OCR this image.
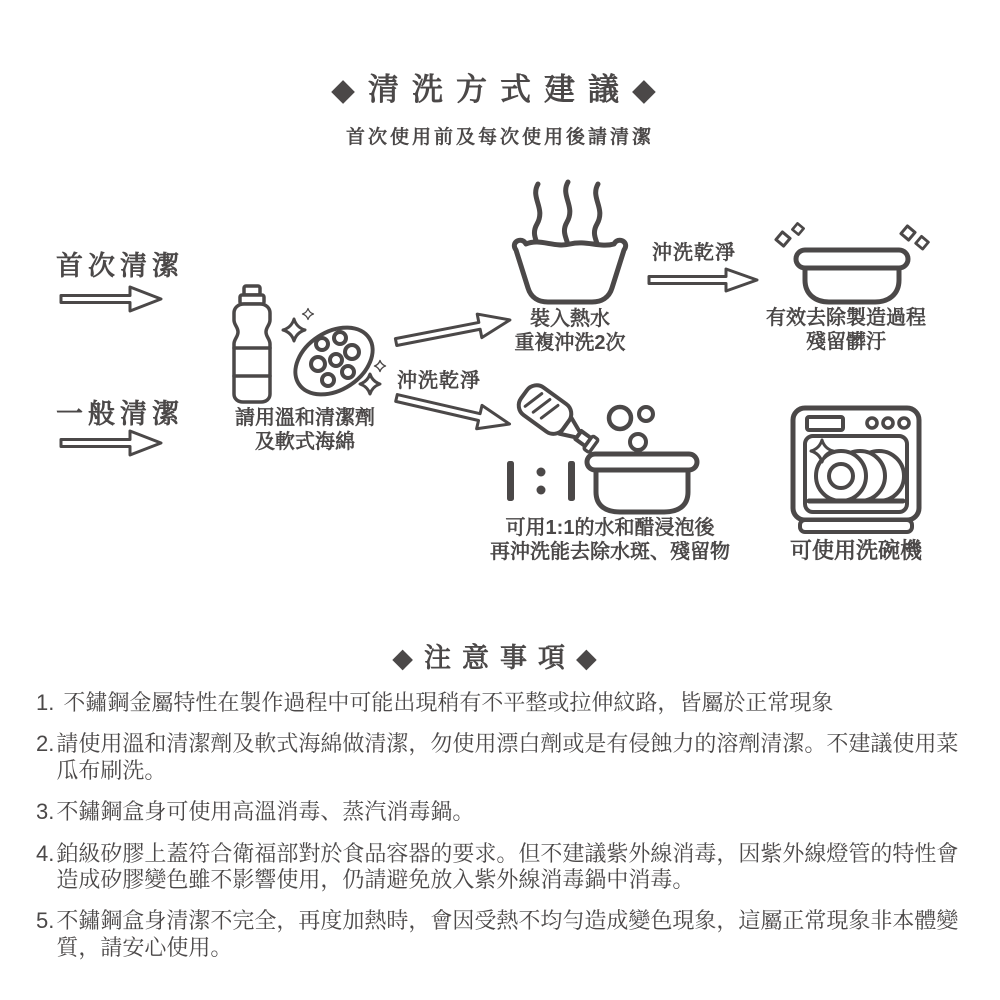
◆清洗方式建議◆
首次使用前及每次使用後請清潔
首次清潔
一般清潔	請用溫和清潔劑
及軟式海綿
沖洗乾淨
裝入熱水
重複沖洗2次
沖洗乾淨
有效去除製造過程
殘留髒汙
可用1:1的水和醋浸泡後
再沖洗能去除水斑、殘留物	可使用洗碗機
◆注意事項◆
1. 不鏽鋼金屬特性在製作過程中可能出現稍有不平整或拉伸紋路，皆屬於正常現象
2. 請使用溫和清潔劑及軟式海綿做清潔，勿使用漂白劑或是有侵蝕力的溶劑清潔。不建議使用菜瓜布刷洗。
3. 不鏽鋼盒身可使用高溫消毒、蒸汽消毒鍋。
4. 鉑級矽膠上蓋符合衛福部對於食品容器的要求。但不建議紫外線消毒，因紫外線燈管的特性會造成矽膠變色雖不影響使用，仍請避免放入紫外線消毒鍋中消毒。
5. 不鏽鋼盒身清潔不完全，再度加熱時，會因受熱不均勻造成變色現象，這屬正常現象非本體變質，請安心使用。
